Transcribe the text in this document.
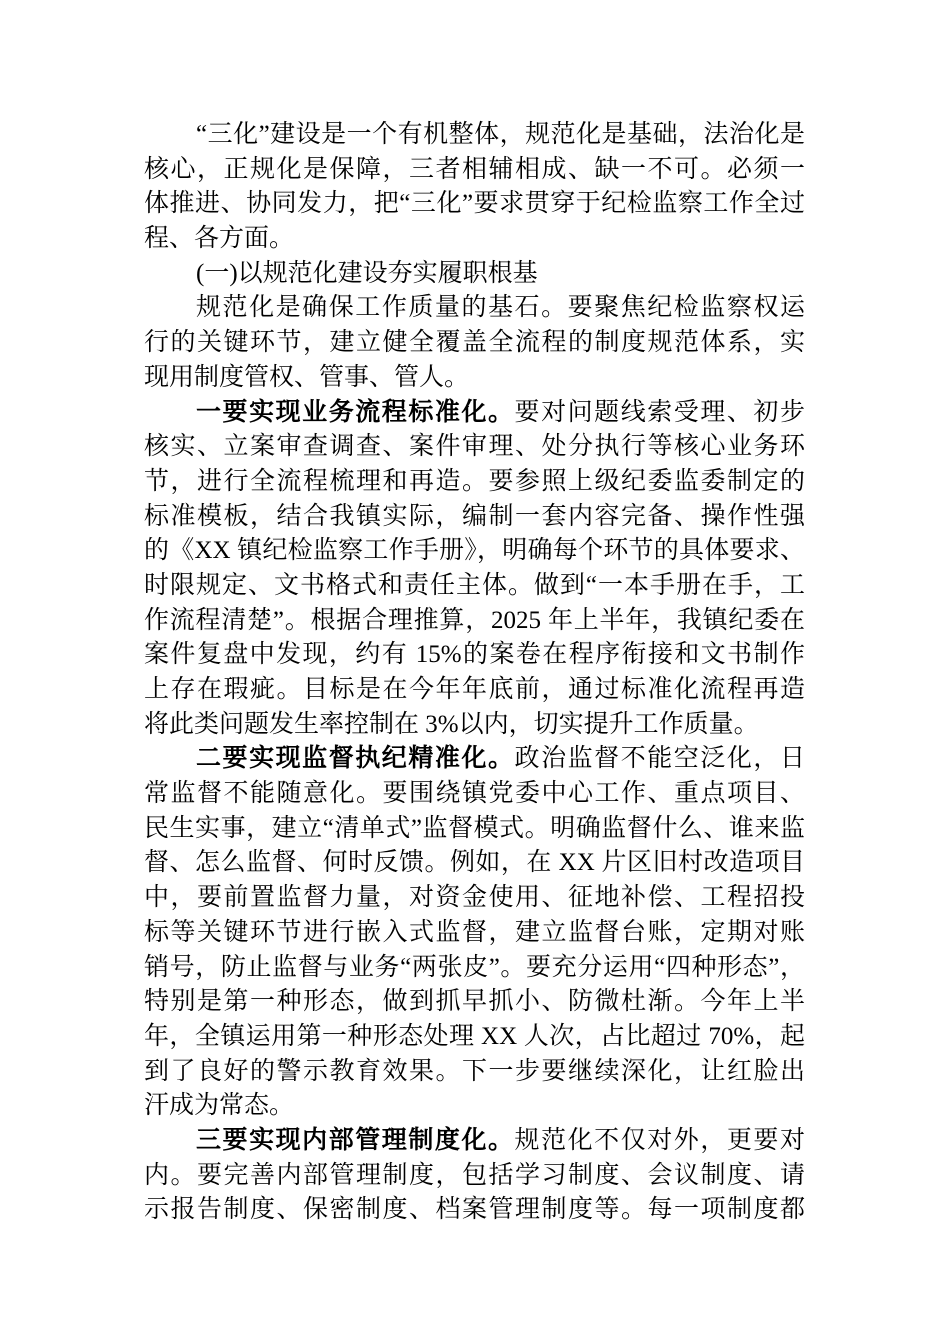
“三化”建设是一个有机整体，规范化是基础，法治化是
核心，正规化是保障，三者相辅相成、缺一不可。必须一
体推进、协同发力，把“三化”要求贯穿于纪检监察工作全过
程、各方面。
(一)以规范化建设夯实履职根基
规范化是确保工作质量的基石。要聚焦纪检监察权运
行的关键环节，建立健全覆盖全流程的制度规范体系，实
现用制度管权、管事、管人。
一要实现业务流程标准化。要对问题线索受理、初步
核实、立案审查调查、案件审理、处分执行等核心业务环
节，进行全流程梳理和再造。要参照上级纪委监委制定的
标准模板，结合我镇实际，编制一套内容完备、操作性强
的《XX 镇纪检监察工作手册》，明确每个环节的具体要求、
时限规定、文书格式和责任主体。做到“一本手册在手，工
作流程清楚”。根据合理推算，2025 年上半年，我镇纪委在
案件复盘中发现，约有 15%的案卷在程序衔接和文书制作
上存在瑕疵。目标是在今年年底前，通过标准化流程再造
将此类问题发生率控制在 3%以内，切实提升工作质量。
二要实现监督执纪精准化。政治监督不能空泛化，日
常监督不能随意化。要围绕镇党委中心工作、重点项目、
民生实事，建立“清单式”监督模式。明确监督什么、谁来监
督、怎么监督、何时反馈。例如，在 XX 片区旧村改造项目
中，要前置监督力量，对资金使用、征地补偿、工程招投
标等关键环节进行嵌入式监督，建立监督台账，定期对账
销号，防止监督与业务“两张皮”。要充分运用“四种形态”，
特别是第一种形态，做到抓早抓小、防微杜渐。今年上半
年，全镇运用第一种形态处理 XX 人次，占比超过 70%，起
到了良好的警示教育效果。下一步要继续深化，让红脸出
汗成为常态。
三要实现内部管理制度化。规范化不仅对外，更要对
内。要完善内部管理制度，包括学习制度、会议制度、请
示报告制度、保密制度、档案管理制度等。每一项制度都
